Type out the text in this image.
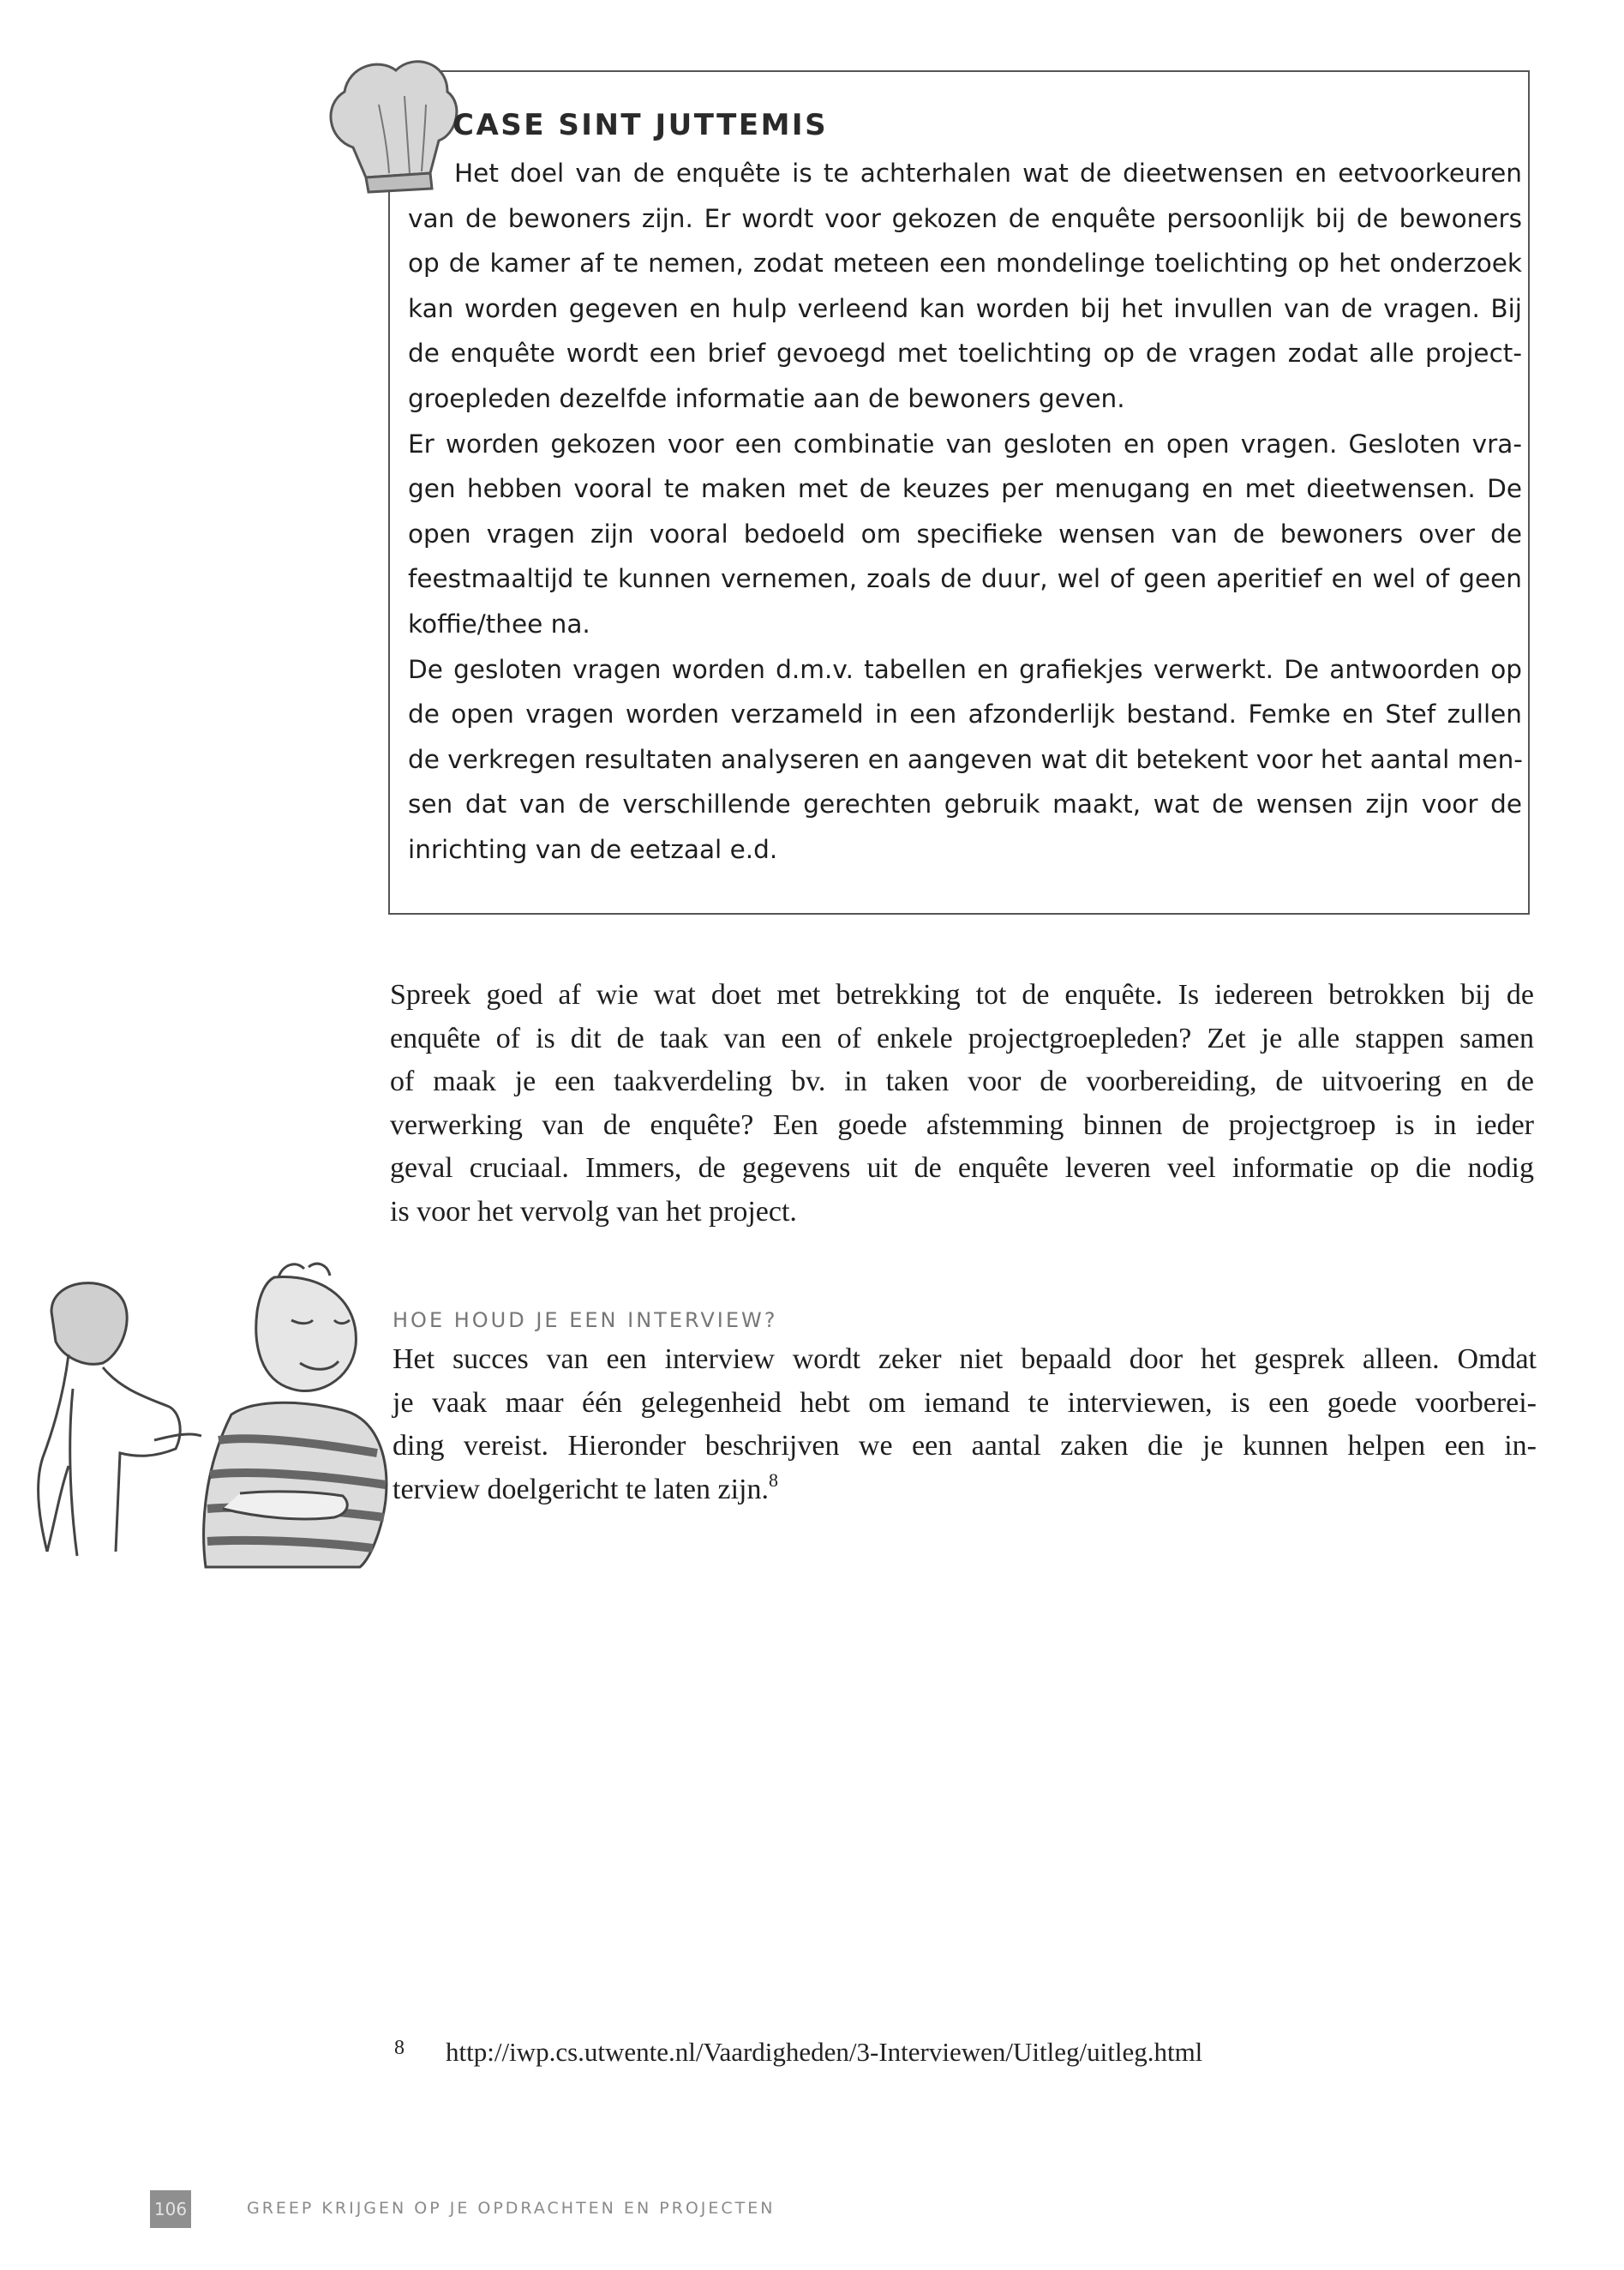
CASE SINT JUTTEMIS
Het doel van de enquête is te achterhalen wat de dieetwensen en eetvoorkeuren
van de bewoners zijn. Er wordt voor gekozen de enquête persoonlijk bij de bewoners
op de kamer af te nemen, zodat meteen een mondelinge toelichting op het onderzoek
kan worden gegeven en hulp verleend kan worden bij het invullen van de vragen. Bij
de enquête wordt een brief gevoegd met toelichting op de vragen zodat alle project-
groepleden dezelfde informatie aan de bewoners geven.
Er worden gekozen voor een combinatie van gesloten en open vragen. Gesloten vra-
gen hebben vooral te maken met de keuzes per menugang en met dieetwensen. De
open vragen zijn vooral bedoeld om specifieke wensen van de bewoners over de
feestmaaltijd te kunnen vernemen, zoals de duur, wel of geen aperitief en wel of geen
koffie/thee na.
De gesloten vragen worden d.m.v. tabellen en grafiekjes verwerkt. De antwoorden op
de open vragen worden verzameld in een afzonderlijk bestand. Femke en Stef zullen
de verkregen resultaten analyseren en aangeven wat dit betekent voor het aantal men-
sen dat van de verschillende gerechten gebruik maakt, wat de wensen zijn voor de
inrichting van de eetzaal e.d.
Spreek goed af wie wat doet met betrekking tot de enquête. Is iedereen betrokken bij de
enquête of is dit de taak van een of enkele projectgroepleden? Zet je alle stappen samen
of maak je een taakverdeling bv. in taken voor de voorbereiding, de uitvoering en de
verwerking van de enquête? Een goede afstemming binnen de projectgroep is in ieder
geval cruciaal. Immers, de gegevens uit de enquête leveren veel informatie op die nodig
is voor het vervolg van het project.
HOE HOUD JE EEN INTERVIEW?
Het succes van een interview wordt zeker niet bepaald door het gesprek alleen. Omdat
je vaak maar één gelegenheid hebt om iemand te interviewen, is een goede voorberei-
ding vereist. Hieronder beschrijven we een aantal zaken die je kunnen helpen een in-
terview doelgericht te laten zijn.$^8$
8 http://iwp.cs.utwente.nl/Vaardigheden/3-Interviewen/Uitleg/uitleg.html
106	GREEP KRIJGEN OP JE OPDRACHTEN EN PROJECTEN
